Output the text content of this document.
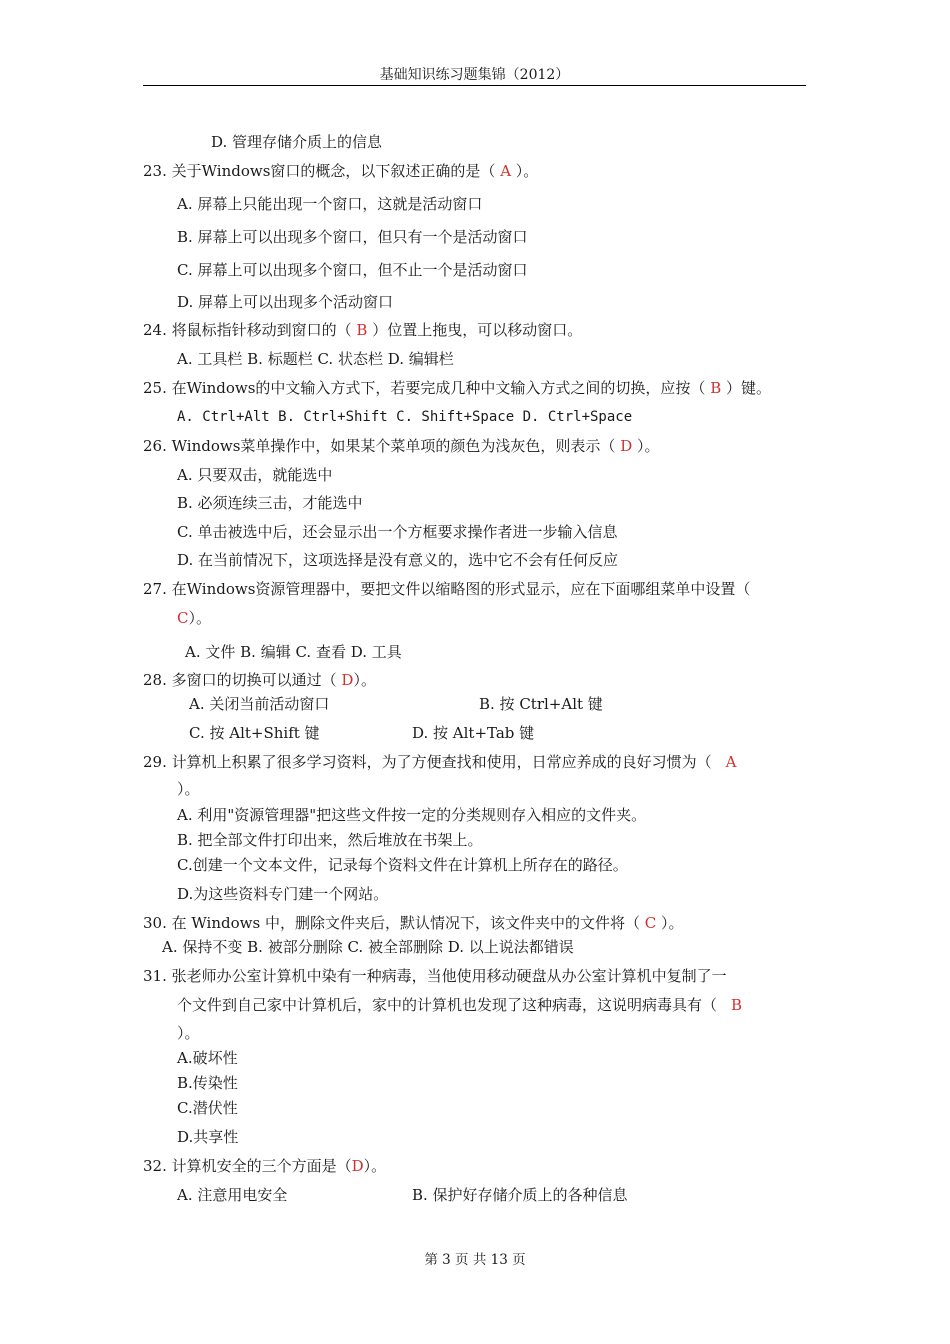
基础知识练习题集锦（2012）
D. 管理存储介质上的信息
23. 关于Windows窗口的概念，以下叙述正确的是（ A ）。
A. 屏幕上只能出现一个窗口，这就是活动窗口
B. 屏幕上可以出现多个窗口，但只有一个是活动窗口
C. 屏幕上可以出现多个窗口，但不止一个是活动窗口
D. 屏幕上可以出现多个活动窗口
24. 将鼠标指针移动到窗口的（ B ）位置上拖曳，可以移动窗口。
A. 工具栏 B. 标题栏 C. 状态栏 D. 编辑栏
25. 在Windows的中文输入方式下，若要完成几种中文输入方式之间的切换，应按（ B ）键。
A. Ctrl+Alt B. Ctrl+Shift C. Shift+Space D. Ctrl+Space
26. Windows菜单操作中，如果某个菜单项的颜色为浅灰色，则表示（ D ）。
A. 只要双击，就能选中
B. 必须连续三击，才能选中
C. 单击被选中后，还会显示出一个方框要求操作者进一步输入信息
D. 在当前情况下，这项选择是没有意义的，选中它不会有任何反应
27. 在Windows资源管理器中，要把文件以缩略图的形式显示，应在下面哪组菜单中设置（
C）。
A. 文件 B. 编辑 C. 查看 D. 工具
28. 多窗口的切换可以通过（ D）。
A. 关闭当前活动窗口	B. 按 Ctrl+Alt 键
C. 按 Alt+Shift 键	D. 按 Alt+Tab 键
29. 计算机上积累了很多学习资料，为了方便查找和使用，日常应养成的良好习惯为（ A
）。
A. 利用"资源管理器"把这些文件按一定的分类规则存入相应的文件夹。
B. 把全部文件打印出来，然后堆放在书架上。
C.创建一个文本文件，记录每个资料文件在计算机上所存在的路径。
D.为这些资料专门建一个网站。
30. 在 Windows 中，删除文件夹后，默认情况下，该文件夹中的文件将（ C ）。
A. 保持不变 B. 被部分删除 C. 被全部删除 D. 以上说法都错误
31. 张老师办公室计算机中染有一种病毒，当他使用移动硬盘从办公室计算机中复制了一
个文件到自己家中计算机后，家中的计算机也发现了这种病毒，这说明病毒具有（ B
）。
A.破坏性
B.传染性
C.潜伏性
D.共享性
32. 计算机安全的三个方面是（D）。
A. 注意用电安全	B. 保护好存储介质上的各种信息
第 3 页 共 13 页
